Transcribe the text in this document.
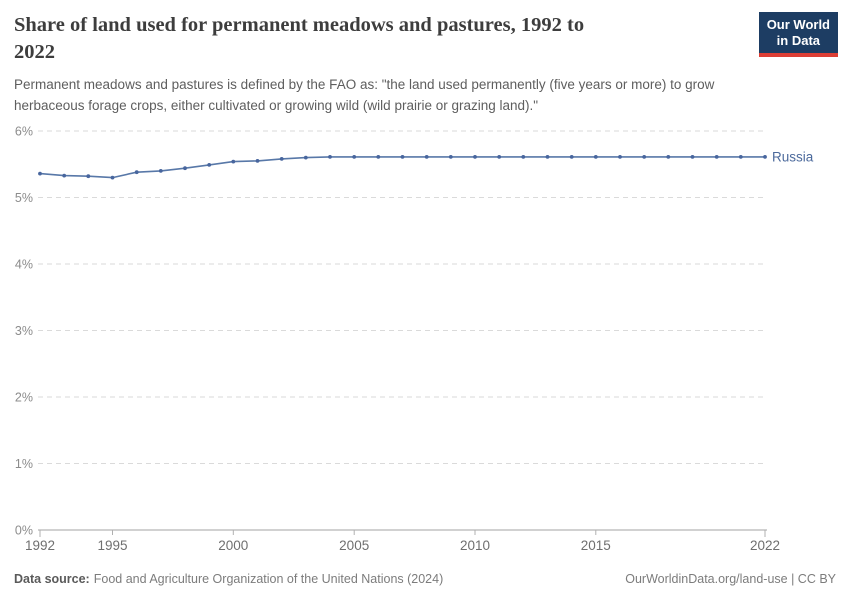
0%
1%
2%
3%
4%
5%
6%
1992	1995	2000	2005	2010	2015	2022
Russia
Share of land used for permanent meadows and pastures, 1992 to
2022
Our World
in Data

Permanent meadows and pastures is defined by the FAO as: "the land used permanently (five years or more) to grow
herbaceous forage crops, either cultivated or growing wild (wild prairie or grazing land)."

Data source: Food and Agriculture Organization of the United Nations (2024)	OurWorldinData.org/land-use | CC BY
